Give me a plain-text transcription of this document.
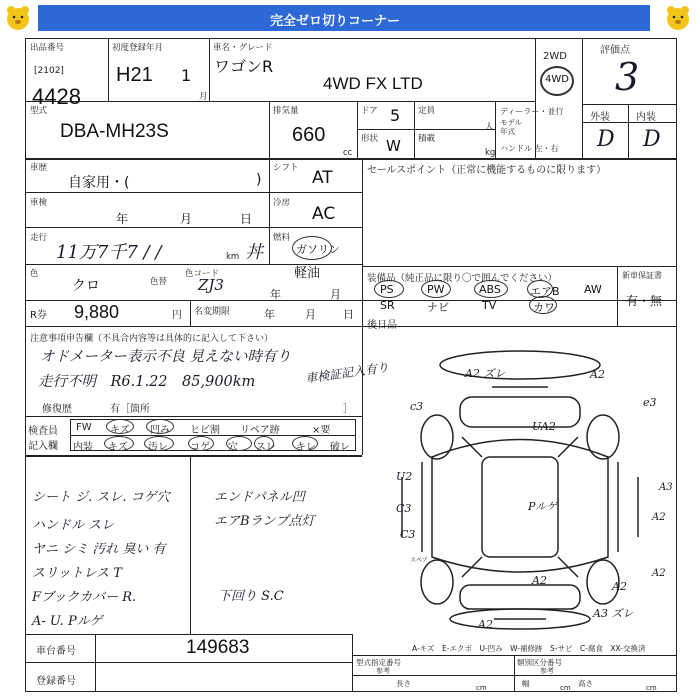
完全ゼロ切りコーナー
出品番号
[2102]
4428
初度登録年月
H21 1
月
車名・グレード
ワゴンR
4WD FX LTD
2WD
4WD
評価点
3
型式
DBA-MH23S
排気量
660
cc
ドア 5
形状 W
定員
人
積載
kg
ディーラー・並行
モデル
年式
ハンドル 左・右
外装	内装
D D
車歴
自家用・(	)
シフト AT	セールスポイント（正常に機能するものに限ります）
車検
年	月	日
冷房
AC
走行
11万7千7 / /	km 丼
燃料
ガソリン
軽油
色
クロ	色替
色コード
ZJ3
年	月
装備品（純正品に限り〇で囲んでください）
PS	PW	ABS	エアB AW
SR	ナビ	TV	カワ
新車保証書
有・無
R券 9,880	円 名変期限	年	月 日
後日品
注意事項申告欄（不具合内容等は具体的に記入して下さい）
オドメーター表示不良 見えない時有り
走行不明　R6.1.22　85,900km	車検証記入有り
修復歴	有［箇所	］
検査員
記入欄
FW
内装
キズ 凹み ヒビ割 リペア跡	×要
キズ 汚レ コゲ 穴 スレ キレ 破レ
シート ジ. スレ. コゲ穴
ハンドル スレ
ヤニ シミ 汚れ 臭い 有
スリットレス T
Fブックカバー R.
A- U. Pルゲ
エンドパネル凹
エアBランプ点灯
下回り S.C
A2 ズレ	A2
c3	e3
UA2
U2
C3
C3
Pルゲ
A3
A2
A2
A2
A2
A3 ズレ
A2
スペア
A-キズ　E-エクボ　U-凹み　W-補修跡　S-サビ　C-腐食　XX-交換済
車台番号	149683
登録番号
型式指定番号
参考
類別区分番号
参考
長さ	cm	幅	cm 高さ	cm
